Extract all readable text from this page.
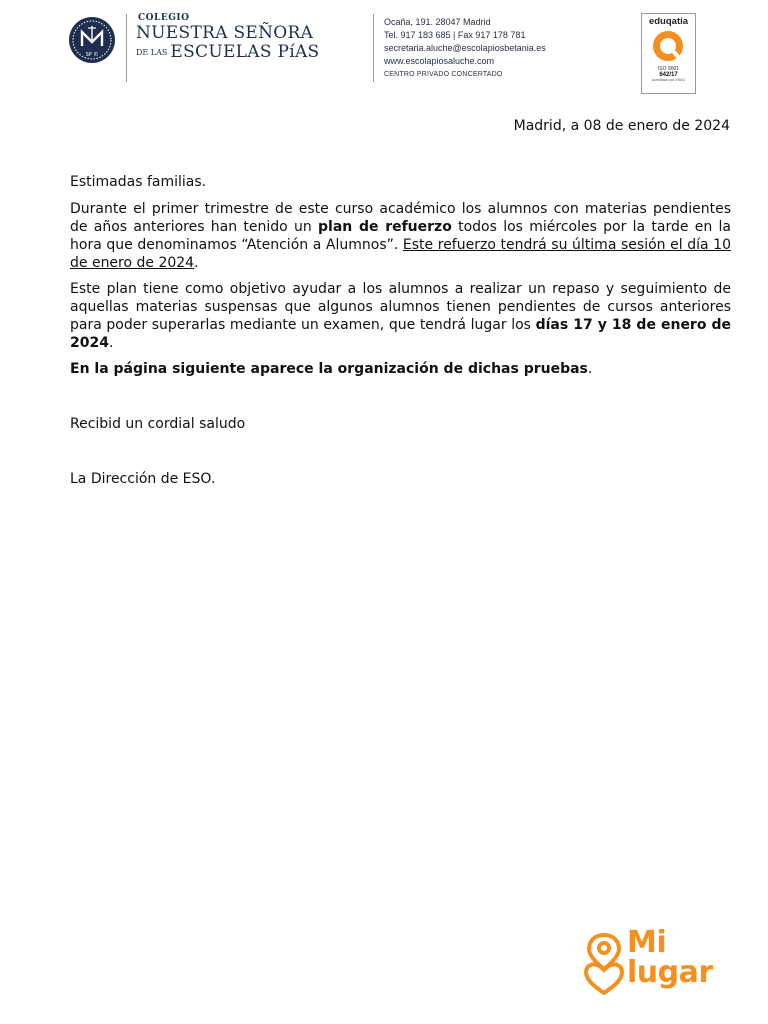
SP ©
COLEGIO
NUESTRA SEÑORA
DE LAS ESCUELAS PíAS
Ocaña, 191. 28047 Madrid
Tel. 917 183 685 | Fax 917 178 781
secretaria.aluche@escolapiosbetania.es
www.escolapiosaluche.com
CENTRO PRIVADO CONCERTADO
eduqatia
ISO 9001
642/17
Acreditado por ENAC
Madrid, a 08 de enero de 2024

Estimadas familias.

Durante el primer trimestre de este curso académico los alumnos con materias pendientes de años anteriores han tenido un plan de refuerzo todos los miércoles por la tarde en la hora que denominamos “Atención a Alumnos”. Este refuerzo tendrá su última sesión el día 10 de enero de 2024.

Este plan tiene como objetivo ayudar a los alumnos a realizar un repaso y seguimiento de aquellas materias suspensas que algunos alumnos tienen pendientes de cursos anteriores para poder superarlas mediante un examen, que tendrá lugar los días 17 y 18 de enero de 2024.

En la página siguiente aparece la organización de dichas pruebas.

Recibid un cordial saludo

La Dirección de ESO.

Mi
lugar
